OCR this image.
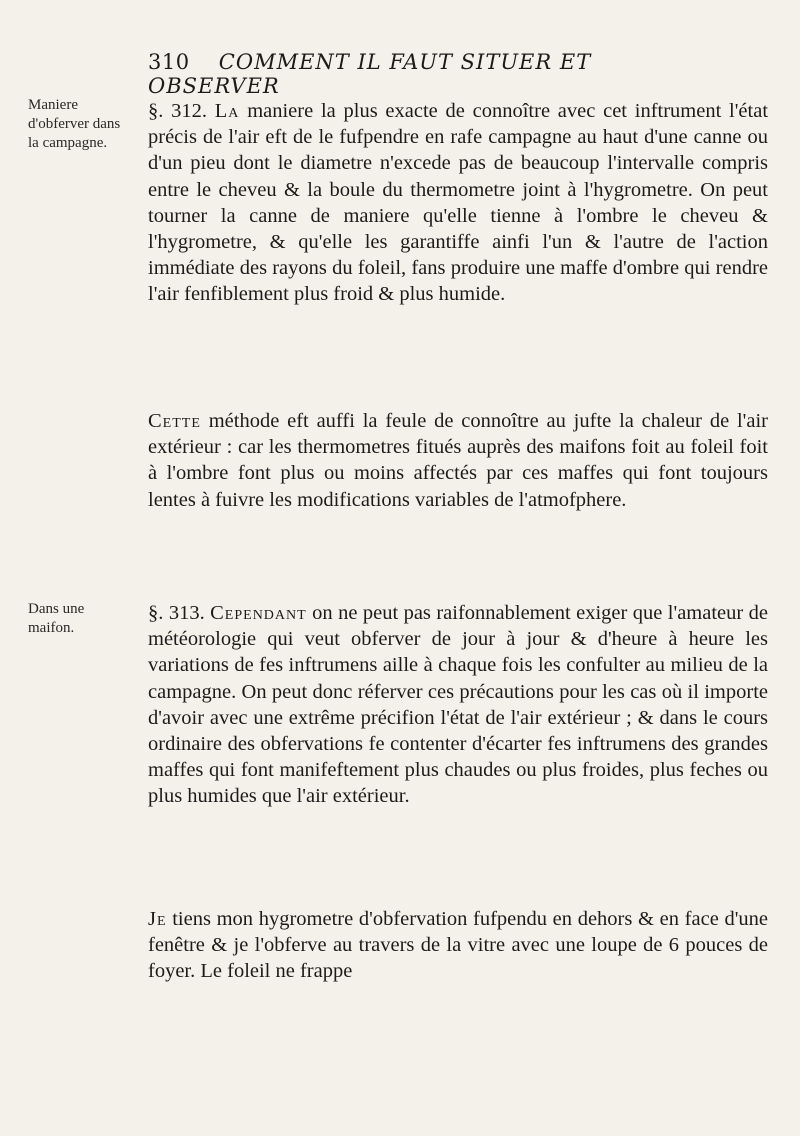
310 COMMENT IL FAUT SITUER ET OBSERVER
Maniere d'obferver dans la campagne.
Dans une maifon.
§. 312. La maniere la plus exacte de connoître avec cet inftrument l'état précis de l'air eft de le fufpendre en rafe campagne au haut d'une canne ou d'un pieu dont le diametre n'excede pas de beaucoup l'intervalle compris entre le cheveu & la boule du thermometre joint à l'hygrometre. On peut tourner la canne de maniere qu'elle tienne à l'ombre le cheveu & l'hygrometre, & qu'elle les garantiffe ainfi l'un & l'autre de l'action immédiate des rayons du foleil, fans produire une maffe d'ombre qui rendre l'air fenfiblement plus froid & plus humide.
Cette méthode eft auffi la feule de connoître au jufte la chaleur de l'air extérieur : car les thermometres fitués auprès des maifons foit au foleil foit à l'ombre font plus ou moins affectés par ces maffes qui font toujours lentes à fuivre les modifications variables de l'atmofphere.
§. 313. Cependant on ne peut pas raifonnablement exiger que l'amateur de météorologie qui veut obferver de jour à jour & d'heure à heure les variations de fes inftrumens aille à chaque fois les confulter au milieu de la campagne. On peut donc réferver ces précautions pour les cas où il importe d'avoir avec une extrême précifion l'état de l'air extérieur ; & dans le cours ordinaire des obfervations fe contenter d'écarter fes inftrumens des grandes maffes qui font manifeftement plus chaudes ou plus froides, plus feches ou plus humides que l'air extérieur.
Je tiens mon hygrometre d'obfervation fufpendu en dehors & en face d'une fenêtre & je l'obferve au travers de la vitre avec une loupe de 6 pouces de foyer. Le foleil ne frappe
